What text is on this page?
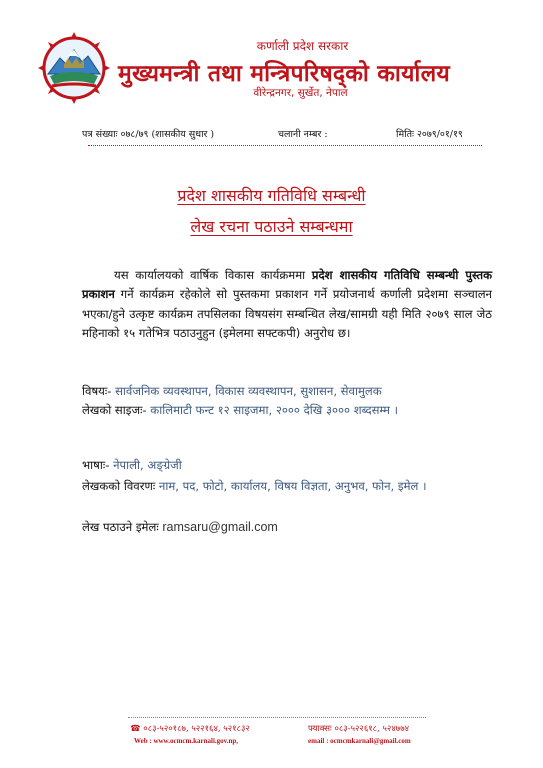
कर्णाली प्रदेश सरकार
मुख्यमन्त्री तथा मन्त्रिपरिषद्को कार्यालय
वीरेन्द्रनगर, सुर्खेत, नेपाल
पत्र संख्याः ०७८/७९ (शासकीय सुधार )	चलानी नम्बर :	मितिः २०७९/०१/१९
प्रदेश शासकीय गतिविधि सम्बन्धी
लेख रचना पठाउने सम्बन्धमा
यस कार्यालयको वार्षिक विकास कार्यक्रममा प्रदेश शासकीय गतिविधि सम्बन्धी पुस्तक प्रकाशन गर्ने कार्यक्रम रहेकोले सो पुस्तकमा प्रकाशन गर्ने प्रयोजनार्थ कर्णाली प्रदेशमा सञ्चालन भएका/हुने उत्कृष्ट कार्यक्रम तपसिलका विषयसंग सम्बन्धित लेख/सामग्री यही मिति २०७९ साल जेठ महिनाको १५ गतेभित्र पठाउनुहुन (इमेलमा सफ्टकपी) अनुरोध छ।
विषयः- सार्वजनिक व्यवस्थापन, विकास व्यवस्थापन, सुशासन, सेवामुलक
लेखको साइजः- कालिमाटी फन्ट १२ साइजमा, २००० देखि ३००० शब्दसम्म ।
भाषाः- नेपाली, अङ्ग्रेजी
लेखकको विवरणः नाम, पद, फोटो, कार्यालय, विषय विज्ञता, अनुभव, फोन, इमेल ।
लेख पठाउने इमेलः ramsaru@gmail.com
☎ ०८३-५२०१८७, ५२२१६४, ५२१८३२	फ्याक्सः ०८३-५२२६१८, ५२४७७४
Web : www.ocmcm.karnali.gov.np,	email : ocmcmkarnali@gmail.com
